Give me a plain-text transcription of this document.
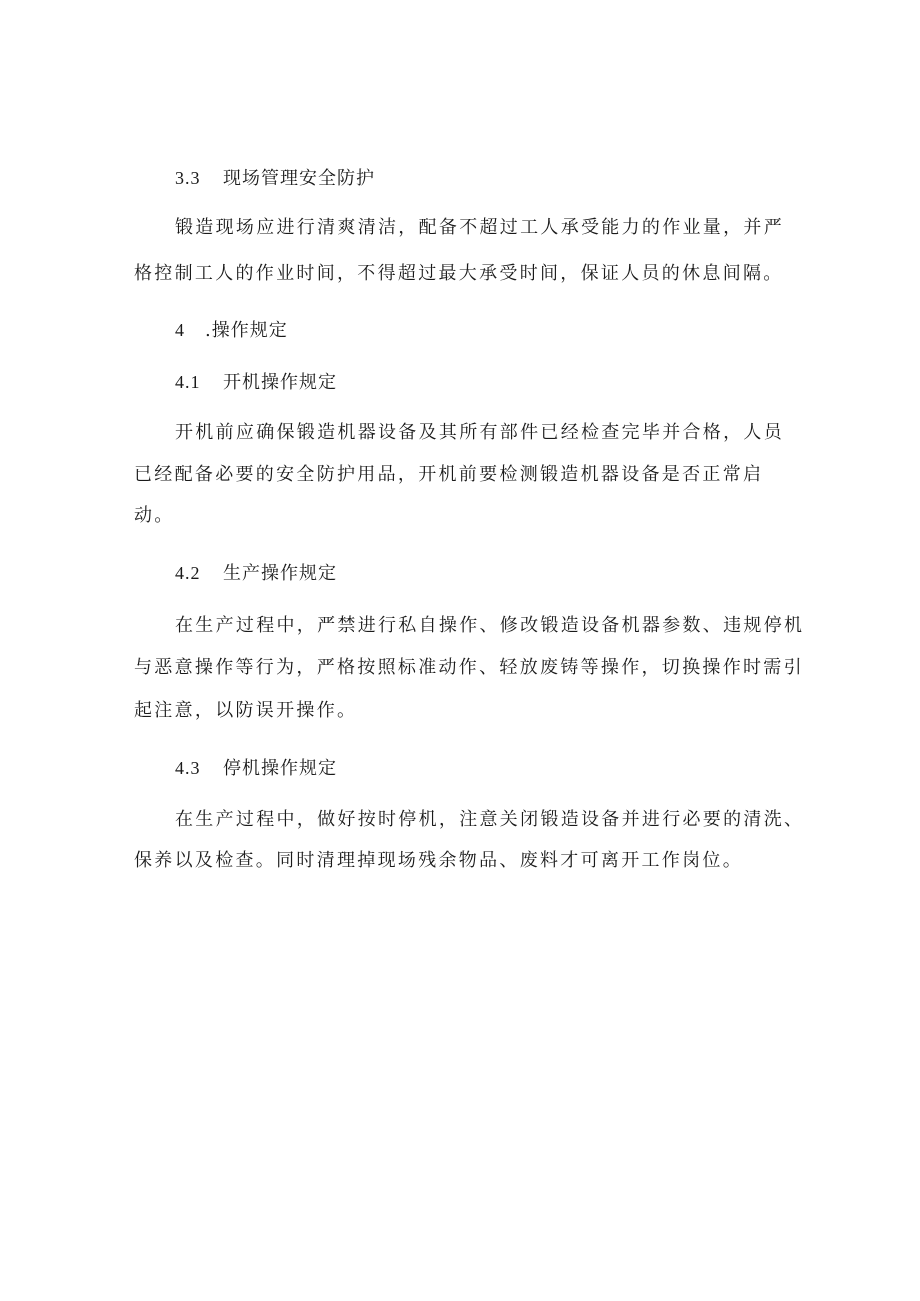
3.3 现场管理安全防护
锻造现场应进行清爽清洁，配备不超过工人承受能力的作业量，并严
格控制工人的作业时间，不得超过最大承受时间，保证人员的休息间隔。
4 .操作规定
4.1 开机操作规定
开机前应确保锻造机器设备及其所有部件已经检查完毕并合格，人员
已经配备必要的安全防护用品，开机前要检测锻造机器设备是否正常启
动。
4.2 生产操作规定
在生产过程中，严禁进行私自操作、修改锻造设备机器参数、违规停机
与恶意操作等行为，严格按照标准动作、轻放废铸等操作，切换操作时需引
起注意，以防误开操作。
4.3 停机操作规定
在生产过程中，做好按时停机，注意关闭锻造设备并进行必要的清洗、
保养以及检查。同时清理掉现场残余物品、废料才可离开工作岗位。
